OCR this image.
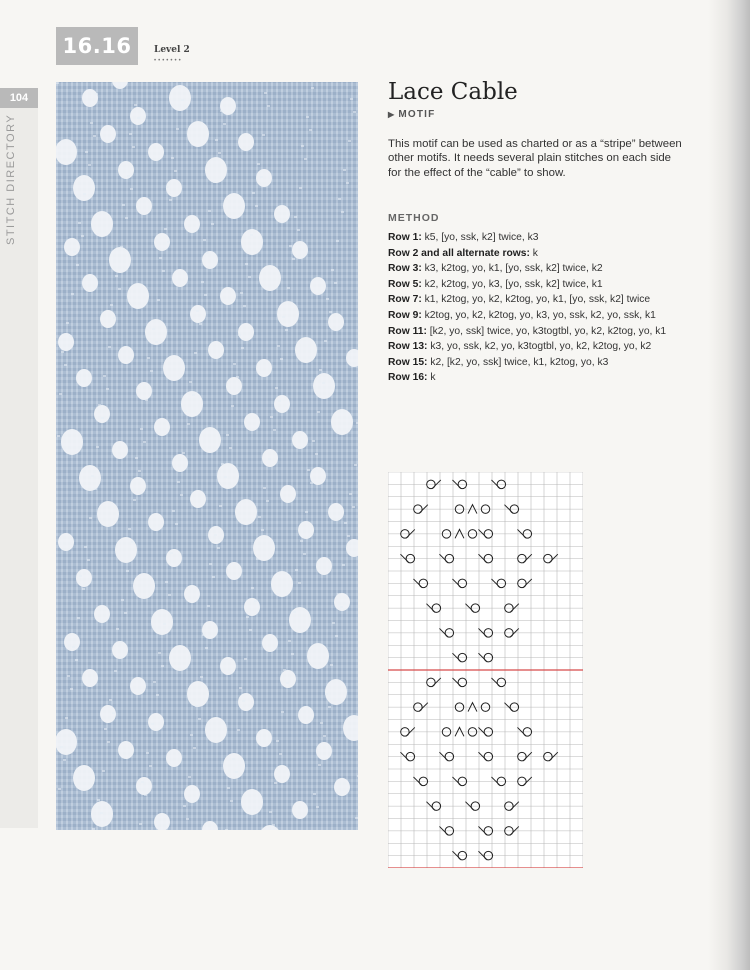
16.16	Level 2
•••••••
104
STITCH DIRECTORY
Lace Cable
▶ MOTIF

This motif can be used as charted or as a “stripe” between other motifs. It needs several plain stitches on each side for the effect of the “cable” to show.

METHOD
Row 1: k5, [yo, ssk, k2] twice, k3
Row 2 and all alternate rows: k
Row 3: k3, k2tog, yo, k1, [yo, ssk, k2] twice, k2
Row 5: k2, k2tog, yo, k3, [yo, ssk, k2] twice, k1
Row 7: k1, k2tog, yo, k2, k2tog, yo, k1, [yo, ssk, k2] twice
Row 9: k2tog, yo, k2, k2tog, yo, k3, yo, ssk, k2, yo, ssk, k1
Row 11: [k2, yo, ssk] twice, yo, k3togtbl, yo, k2, k2tog, yo, k1
Row 13: k3, yo, ssk, k2, yo, k3togtbl, yo, k2, k2tog, yo, k2
Row 15: k2, [k2, yo, ssk] twice, k1, k2tog, yo, k3
Row 16: k
